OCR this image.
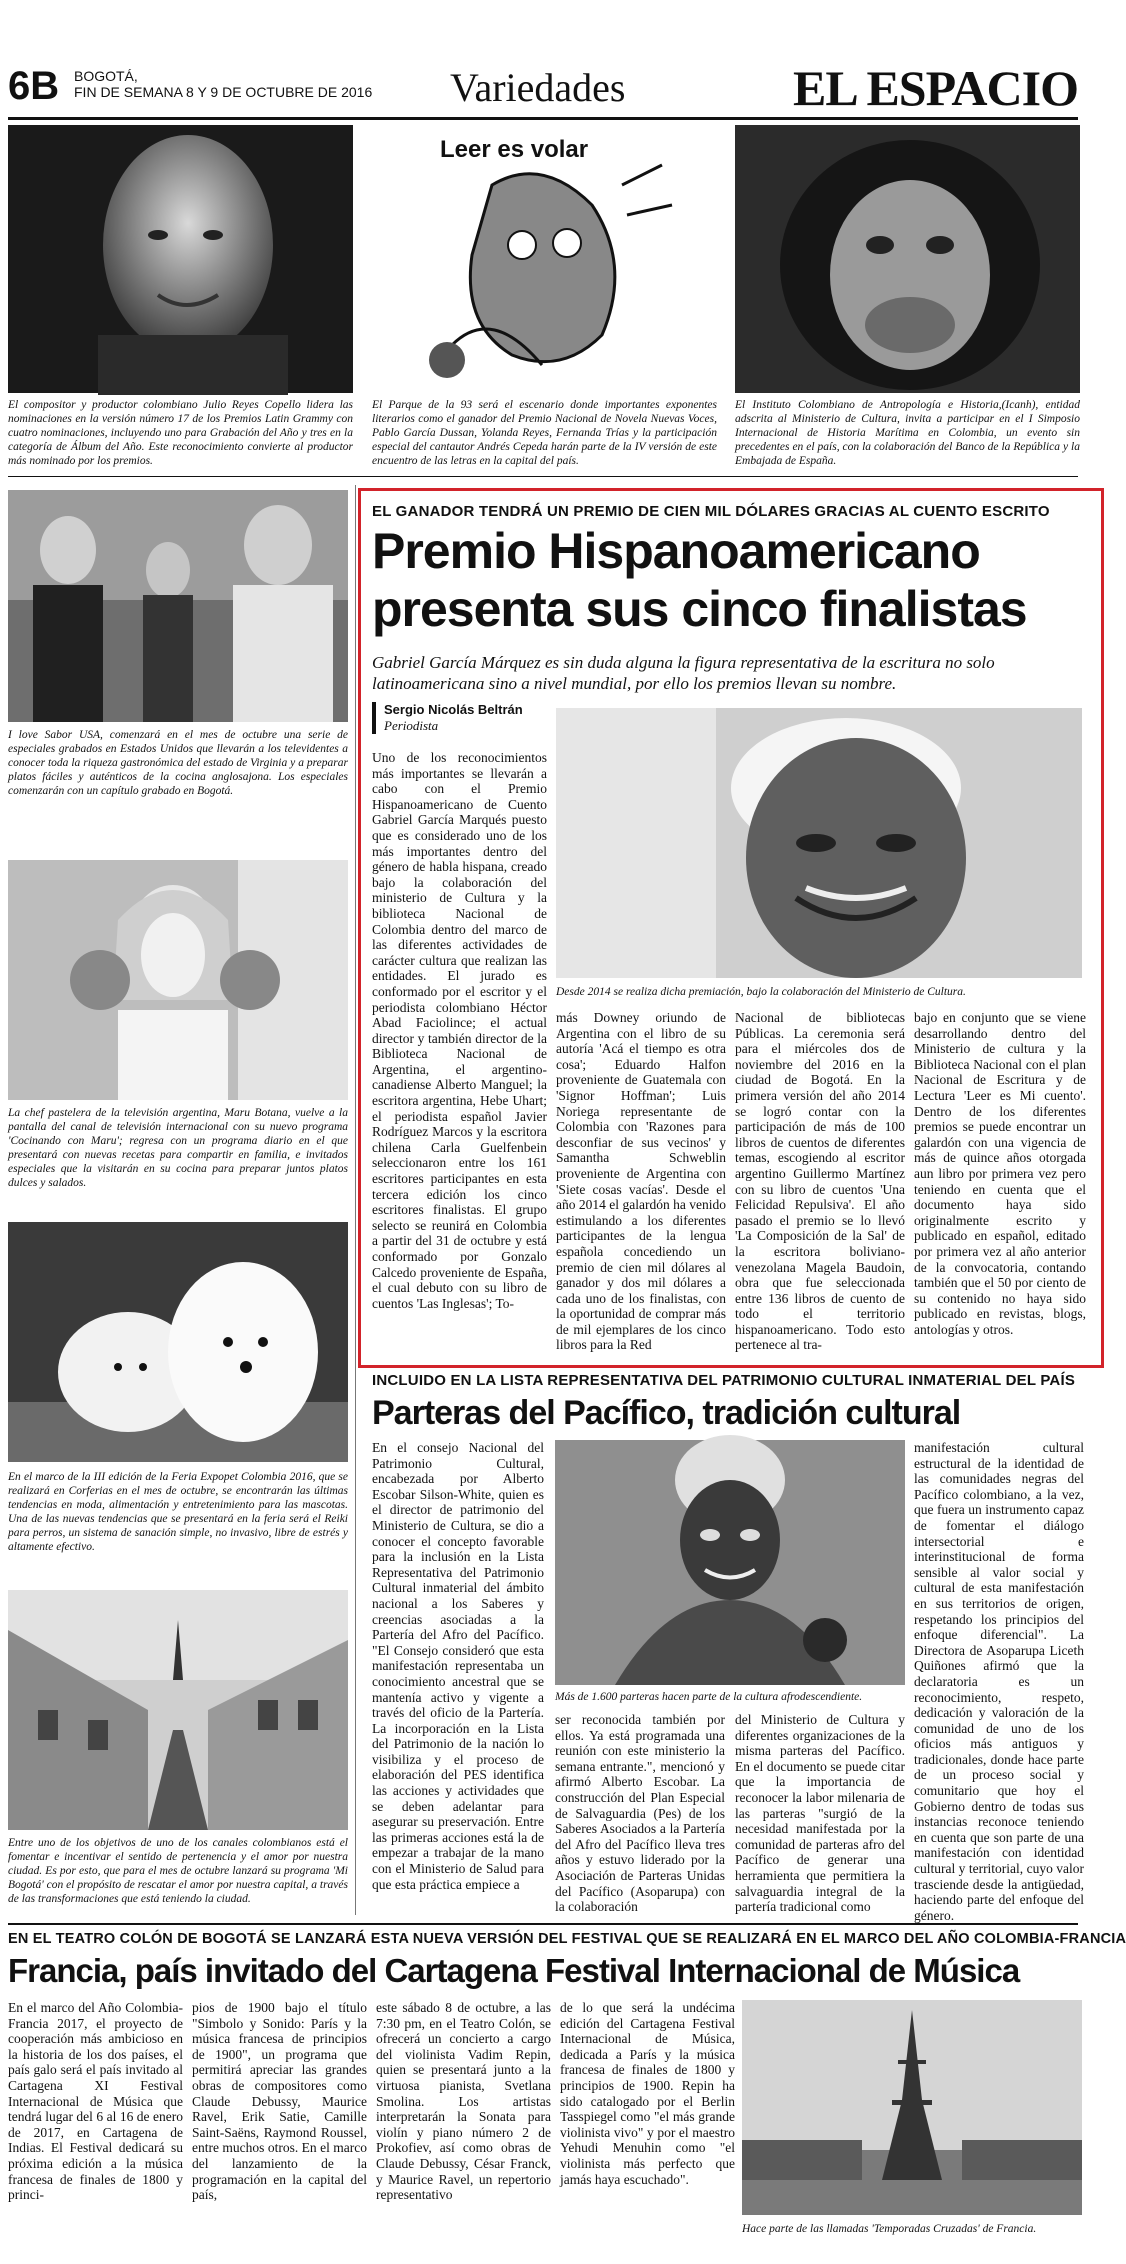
6B BOGOTÁ,
FIN DE SEMANA 8 Y 9 DE OCTUBRE DE 2016 Variedades	EL ESPACIO
El compositor y productor colombiano Julio Reyes Copello lidera las nominaciones en la versión número 17 de los Premios Latin Grammy con cuatro nominaciones, incluyendo uno para Grabación del Año y tres en la categoría de Álbum del Año. Este reconocimiento convierte al productor más nominado por los premios.
Leer es volar
El Parque de la 93 será el escenario donde importantes exponentes literarios como el ganador del Premio Nacional de Novela Nuevas Voces, Pablo García Dussan, Yolanda Reyes, Fernanda Trías y la participación especial del cantautor Andrés Cepeda harán parte de la IV versión de este encuentro de las letras en la capital del país.
El Instituto Colombiano de Antropología e Historia,(Icanh), entidad adscrita al Ministerio de Cultura, invita a participar en el I Simposio Internacional de Historia Marítima en Colombia, un evento sin precedentes en el país, con la colaboración del Banco de la República y la Embajada de España.
I love Sabor USA, comenzará en el mes de octubre una serie de especiales grabados en Estados Unidos que llevarán a los televidentes a conocer toda la riqueza gastronómica del estado de Virginia y a preparar platos fáciles y auténticos de la cocina anglosajona. Los especiales comenzarán con un capítulo grabado en Bogotá.
La chef pastelera de la televisión argentina, Maru Botana, vuelve a la pantalla del canal de televisión internacional con su nuevo programa 'Cocinando con Maru'; regresa con un programa diario en el que presentará con nuevas recetas para compartir en familia, e invitados especiales que la visitarán en su cocina para preparar juntos platos dulces y salados.
En el marco de la III edición de la Feria Expopet Colombia 2016, que se realizará en Corferias en el mes de octubre, se encontrarán las últimas tendencias en moda, alimentación y entretenimiento para las mascotas. Una de las nuevas tendencias que se presentará en la feria será el Reiki para perros, un sistema de sanación simple, no invasivo, libre de estrés y altamente efectivo.
Entre uno de los objetivos de uno de los canales colombianos está el fomentar e incentivar el sentido de pertenencia y el amor por nuestra ciudad. Es por esto, que para el mes de octubre lanzará su programa 'Mi Bogotá' con el propósito de rescatar el amor por nuestra capital, a través de las transformaciones que está teniendo la ciudad.
EL GANADOR TENDRÁ UN PREMIO DE CIEN MIL DÓLARES GRACIAS AL CUENTO ESCRITO
Premio Hispanoamericano
presenta sus cinco finalistas
Gabriel García Márquez es sin duda alguna la figura representativa de la escritura no solo latinoamericana sino a nivel mundial, por ello los premios llevan su nombre.
Sergio Nicolás Beltrán
Periodista
Uno de los reconocimientos más importantes se llevarán a cabo con el Premio Hispanoamericano de Cuento Gabriel García Marqués puesto que es considerado uno de los más importantes dentro del género de habla hispana, creado bajo la colaboración del ministerio de Cultura y la biblioteca Nacional de Colombia dentro del marco de las diferentes actividades de carácter cultura que realizan las entidades. El jurado es conformado por el escritor y el periodista colombiano Héctor Abad Faciolince; el actual director y también director de la Biblioteca Nacional de Argentina, el argentino-canadiense Alberto Manguel; la escritora argentina, Hebe Uhart; el periodista español Javier Rodríguez Marcos y la escritora chilena Carla Guelfenbein seleccionaron entre los 161 escritores participantes en esta tercera edición los cinco escritores finalistas. El grupo selecto se reunirá en Colombia a partir del 31 de octubre y está conformado por Gonzalo Calcedo proveniente de España, el cual debuto con su libro de cuentos 'Las Inglesas'; To-
Desde 2014 se realiza dicha premiación, bajo la colaboración del Ministerio de Cultura.
más Downey oriundo de Argentina con el libro de su autoría 'Acá el tiempo es otra cosa'; Eduardo Halfon proveniente de Guatemala con 'Signor Hoffman'; Luis Noriega representante de Colombia con 'Razones para desconfiar de sus vecinos' y Samantha Schweblin proveniente de Argentina con 'Siete cosas vacías'. Desde el año 2014 el galardón ha venido estimulando a los diferentes participantes de la lengua española concediendo un premio de cien mil dólares al ganador y dos mil dólares a cada uno de los finalistas, con la oportunidad de comprar más de mil ejemplares de los cinco libros para la Red
Nacional de bibliotecas Públicas. La ceremonia será para el miércoles dos de noviembre del 2016 en la ciudad de Bogotá. En la primera versión del año 2014 se logró contar con la participación de más de 100 libros de cuentos de diferentes temas, escogiendo al escritor argentino Guillermo Martínez con su libro de cuentos 'Una Felicidad Repulsiva'. El año pasado el premio se lo llevó 'La Composición de la Sal' de la escritora boliviano-venezolana Magela Baudoin, obra que fue seleccionada entre 136 libros de cuento de todo el territorio hispanoamericano. Todo esto pertenece al tra-
bajo en conjunto que se viene desarrollando dentro del Ministerio de cultura y la Biblioteca Nacional con el plan Nacional de Escritura y de Lectura 'Leer es Mi cuento'. Dentro de los diferentes premios se puede encontrar un galardón con una vigencia de más de quince años otorgada aun libro por primera vez pero teniendo en cuenta que el documento haya sido originalmente escrito y publicado en español, editado por primera vez al año anterior de la convocatoria, contando también que el 50 por ciento de su contenido no haya sido publicado en revistas, blogs, antologías y otros.
INCLUIDO EN LA LISTA REPRESENTATIVA DEL PATRIMONIO CULTURAL INMATERIAL DEL PAÍS
Parteras del Pacífico, tradición cultural
En el consejo Nacional del Patrimonio Cultural, encabezada por Alberto Escobar Silson-White, quien es el director de patrimonio del Ministerio de Cultura, se dio a conocer el concepto favorable para la inclusión en la Lista Representativa del Patrimonio Cultural inmaterial del ámbito nacional a los Saberes y creencias asociadas a la Partería del Afro del Pacífico. "El Consejo consideró que esta manifestación representaba un conocimiento ancestral que se mantenía activo y vigente a través del oficio de la Partería. La incorporación en la Lista del Patrimonio de la nación lo visibiliza y el proceso de elaboración del PES identifica las acciones y actividades que se deben adelantar para asegurar su preservación. Entre las primeras acciones está la de empezar a trabajar de la mano con el Ministerio de Salud para que esta práctica empiece a
Más de 1.600 parteras hacen parte de la cultura afrodescendiente.
ser reconocida también por ellos. Ya está programada una reunión con este ministerio la semana entrante.", mencionó y afirmó Alberto Escobar. La construcción del Plan Especial de Salvaguardia (Pes) de los Saberes Asociados a la Partería del Afro del Pacífico lleva tres años y estuvo liderado por la Asociación de Parteras Unidas del Pacífico (Asoparupa) con la colaboración
del Ministerio de Cultura y diferentes organizaciones de la misma parteras del Pacífico. En el documento se puede citar que la importancia de reconocer la labor milenaria de las parteras "surgió de la necesidad manifestada por la comunidad de parteras afro del Pacífico de generar una herramienta que permitiera la salvaguardia integral de la partería tradicional como
manifestación cultural estructural de la identidad de las comunidades negras del Pacífico colombiano, a la vez, que fuera un instrumento capaz de fomentar el diálogo intersectorial e interinstitucional de forma sensible al valor social y cultural de esta manifestación en sus territorios de origen, respetando los principios del enfoque diferencial". La Directora de Asoparupa Liceth Quiñones afirmó que la declaratoria es un reconocimiento, respeto, dedicación y valoración de la comunidad de uno de los oficios más antiguos y tradicionales, donde hace parte de un proceso social y comunitario que hoy el Gobierno dentro de todas sus instancias reconoce teniendo en cuenta que son parte de una manifestación con identidad cultural y territorial, cuyo valor trasciende desde la antigüedad, haciendo parte del enfoque del género.
EN EL TEATRO COLÓN DE BOGOTÁ SE LANZARÁ ESTA NUEVA VERSIÓN DEL FESTIVAL QUE SE REALIZARÁ EN EL MARCO DEL AÑO COLOMBIA-FRANCIA
Francia, país invitado del Cartagena Festival Internacional de Música
En el marco del Año Colombia-Francia 2017, el proyecto de cooperación más ambicioso en la historia de los dos países, el país galo será el país invitado al Cartagena XI Festival Internacional de Música que tendrá lugar del 6 al 16 de enero de 2017, en Cartagena de Indias. El Festival dedicará su próxima edición a la música francesa de finales de 1800 y princi-
pios de 1900 bajo el título "Simbolo y Sonido: París y la música francesa de principios de 1900", un programa que permitirá apreciar las grandes obras de compositores como Claude Debussy, Maurice Ravel, Erik Satie, Camille Saint-Saëns, Raymond Roussel, entre muchos otros. En el marco del lanzamiento de la programación en la capital del país,
este sábado 8 de octubre, a las 7:30 pm, en el Teatro Colón, se ofrecerá un concierto a cargo del violinista Vadim Repin, quien se presentará junto a la virtuosa pianista, Svetlana Smolina. Los artistas interpretarán la Sonata para violín y piano número 2 de Prokofiev, así como obras de Claude Debussy, César Franck, y Maurice Ravel, un repertorio representativo
de lo que será la undécima edición del Cartagena Festival Internacional de Música, dedicada a París y la música francesa de finales de 1800 y principios de 1900. Repin ha sido catalogado por el Berlin Tasspiegel como "el más grande violinista vivo" y por el maestro Yehudi Menuhin como "el violinista más perfecto que jamás haya escuchado".
Hace parte de las llamadas 'Temporadas Cruzadas' de Francia.
